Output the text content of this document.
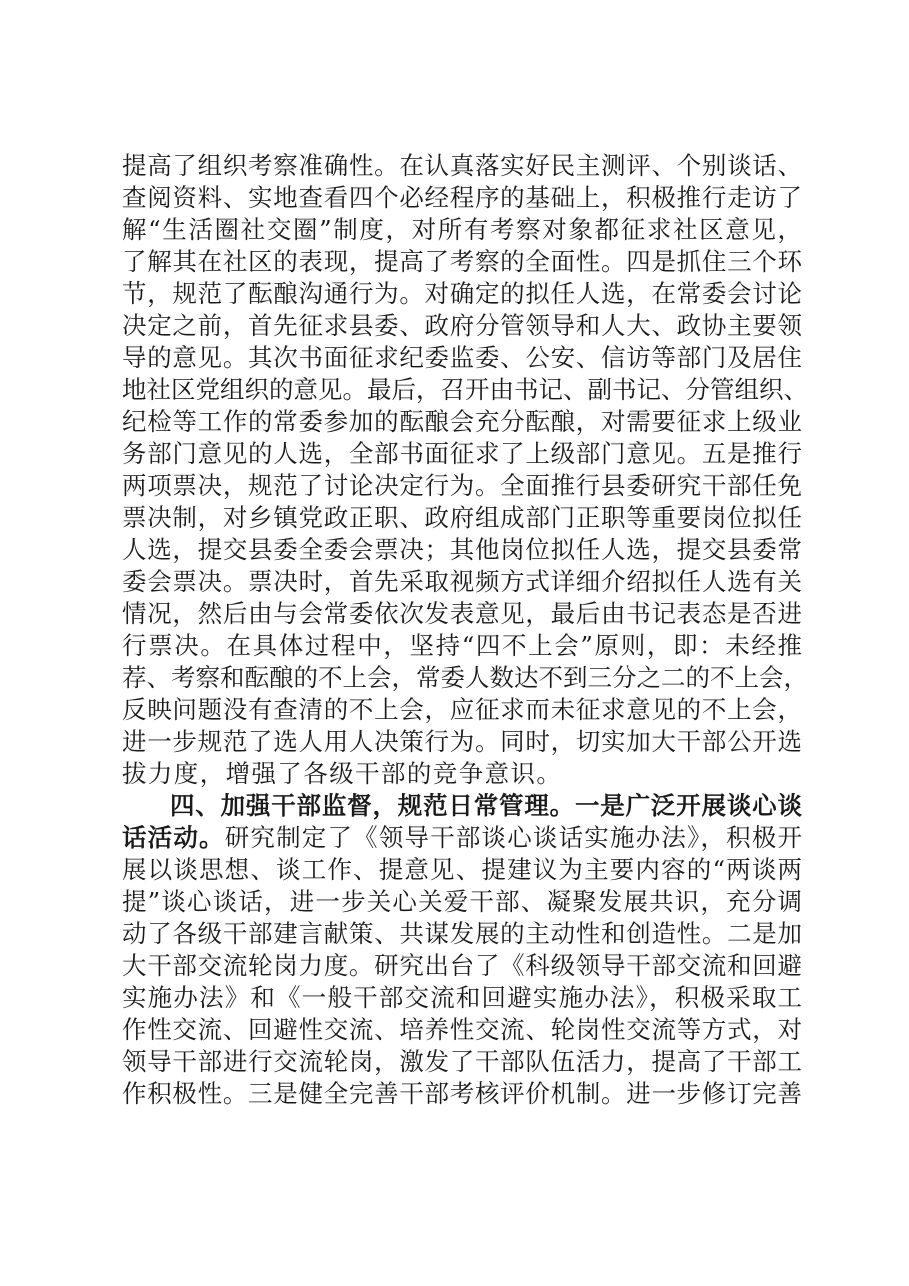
提高了组织考察准确性。在认真落实好民主测评、个别谈话、
查阅资料、实地查看四个必经程序的基础上，积极推行走访了
解“生活圈社交圈”制度，对所有考察对象都征求社区意见，
了解其在社区的表现，提高了考察的全面性。四是抓住三个环
节，规范了酝酿沟通行为。对确定的拟任人选，在常委会讨论
决定之前，首先征求县委、政府分管领导和人大、政协主要领
导的意见。其次书面征求纪委监委、公安、信访等部门及居住
地社区党组织的意见。最后，召开由书记、副书记、分管组织、
纪检等工作的常委参加的酝酿会充分酝酿，对需要征求上级业
务部门意见的人选，全部书面征求了上级部门意见。五是推行
两项票决，规范了讨论决定行为。全面推行县委研究干部任免
票决制，对乡镇党政正职、政府组成部门正职等重要岗位拟任
人选，提交县委全委会票决；其他岗位拟任人选，提交县委常
委会票决。票决时，首先采取视频方式详细介绍拟任人选有关
情况，然后由与会常委依次发表意见，最后由书记表态是否进
行票决。在具体过程中，坚持“四不上会”原则，即：未经推
荐、考察和酝酿的不上会，常委人数达不到三分之二的不上会，
反映问题没有查清的不上会，应征求而未征求意见的不上会，
进一步规范了选人用人决策行为。同时，切实加大干部公开选
拔力度，增强了各级干部的竞争意识。
四、加强干部监督，规范日常管理。一是广泛开展谈心谈
话活动。研究制定了《领导干部谈心谈话实施办法》，积极开
展以谈思想、谈工作、提意见、提建议为主要内容的“两谈两
提”谈心谈话，进一步关心关爱干部、凝聚发展共识，充分调
动了各级干部建言献策、共谋发展的主动性和创造性。二是加
大干部交流轮岗力度。研究出台了《科级领导干部交流和回避
实施办法》和《一般干部交流和回避实施办法》，积极采取工
作性交流、回避性交流、培养性交流、轮岗性交流等方式，对
领导干部进行交流轮岗，激发了干部队伍活力，提高了干部工
作积极性。三是健全完善干部考核评价机制。进一步修订完善
